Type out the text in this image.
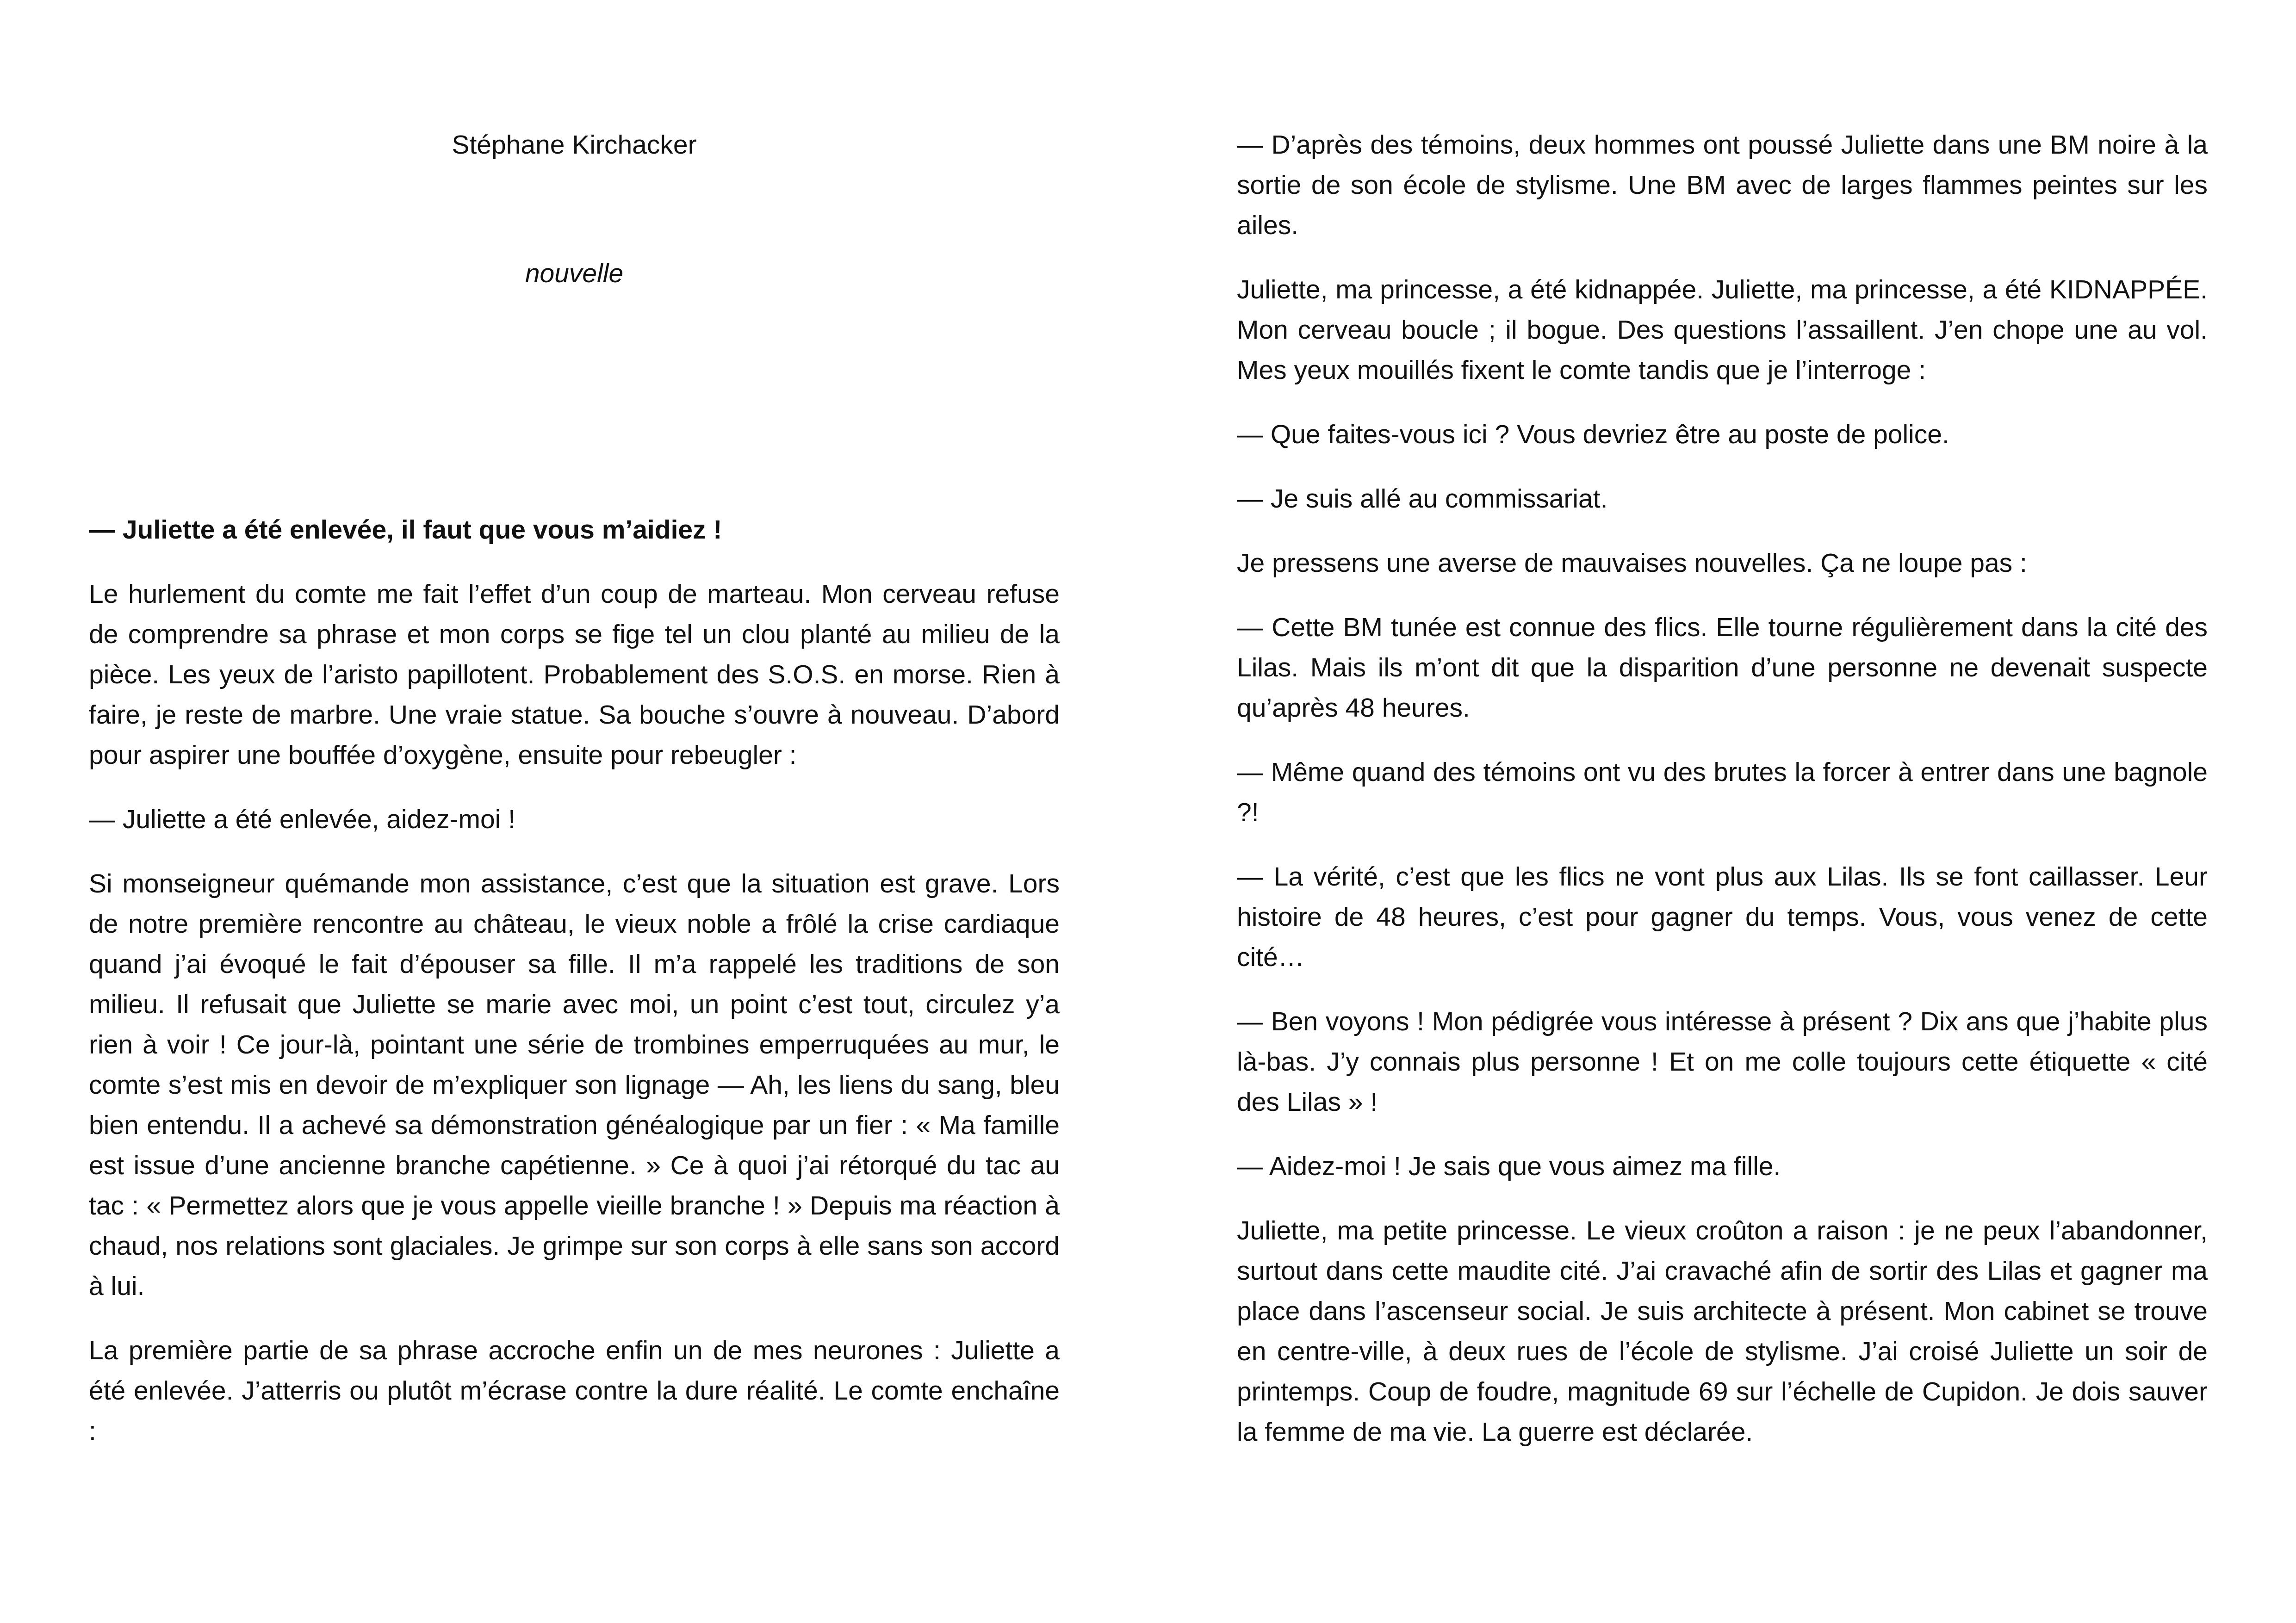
Stéphane Kirchacker

nouvelle

— Juliette a été enlevée, il faut que vous m’aidiez !

Le hurlement du comte me fait l’effet d’un coup de marteau. Mon cerveau refuse de comprendre sa phrase et mon corps se fige tel un clou planté au milieu de la pièce. Les yeux de l’aristo papillotent. Probablement des S.O.S. en morse. Rien à faire, je reste de marbre. Une vraie statue. Sa bouche s’ouvre à nouveau. D’abord pour aspirer une bouffée d’oxygène, ensuite pour rebeugler :

— Juliette a été enlevée, aidez-moi !

Si monseigneur quémande mon assistance, c’est que la situation est grave. Lors de notre première rencontre au château, le vieux noble a frôlé la crise cardiaque quand j’ai évoqué le fait d’épouser sa fille. Il m’a rappelé les traditions de son milieu. Il refusait que Juliette se marie avec moi, un point c’est tout, circulez y’a rien à voir ! Ce jour-là, pointant une série de trombines emperruquées au mur, le comte s’est mis en devoir de m’expliquer son lignage — Ah, les liens du sang, bleu bien entendu. Il a achevé sa démonstration généalogique par un fier : « Ma famille est issue d’une ancienne branche capétienne. » Ce à quoi j’ai rétorqué du tac au tac : « Permettez alors que je vous appelle vieille branche ! » Depuis ma réaction à chaud, nos relations sont glaciales. Je grimpe sur son corps à elle sans son accord à lui.

La première partie de sa phrase accroche enfin un de mes neurones : Juliette a été enlevée. J’atterris ou plutôt m’écrase contre la dure réalité. Le comte enchaîne :

— D’après des témoins, deux hommes ont poussé Juliette dans une BM noire à la sortie de son école de stylisme. Une BM avec de larges flammes peintes sur les ailes.

Juliette, ma princesse, a été kidnappée. Juliette, ma princesse, a été KIDNAPPÉE. Mon cerveau boucle ; il bogue. Des questions l’assaillent. J’en chope une au vol. Mes yeux mouillés fixent le comte tandis que je l’interroge :

— Que faites-vous ici ? Vous devriez être au poste de police.

— Je suis allé au commissariat.

Je pressens une averse de mauvaises nouvelles. Ça ne loupe pas :

— Cette BM tunée est connue des flics. Elle tourne régulièrement dans la cité des Lilas. Mais ils m’ont dit que la disparition d’une personne ne devenait suspecte qu’après 48 heures.

— Même quand des témoins ont vu des brutes la forcer à entrer dans une bagnole ?!

— La vérité, c’est que les flics ne vont plus aux Lilas. Ils se font caillasser. Leur histoire de 48 heures, c’est pour gagner du temps. Vous, vous venez de cette cité…

— Ben voyons ! Mon pédigrée vous intéresse à présent ? Dix ans que j’habite plus là-bas. J’y connais plus personne ! Et on me colle toujours cette étiquette « cité des Lilas » !

— Aidez-moi ! Je sais que vous aimez ma fille.

Juliette, ma petite princesse. Le vieux croûton a raison : je ne peux l’abandonner, surtout dans cette maudite cité. J’ai cravaché afin de sortir des Lilas et gagner ma place dans l’ascenseur social. Je suis architecte à présent. Mon cabinet se trouve en centre-ville, à deux rues de l’école de stylisme. J’ai croisé Juliette un soir de printemps. Coup de foudre, magnitude 69 sur l’échelle de Cupidon. Je dois sauver la femme de ma vie. La guerre est déclarée.
